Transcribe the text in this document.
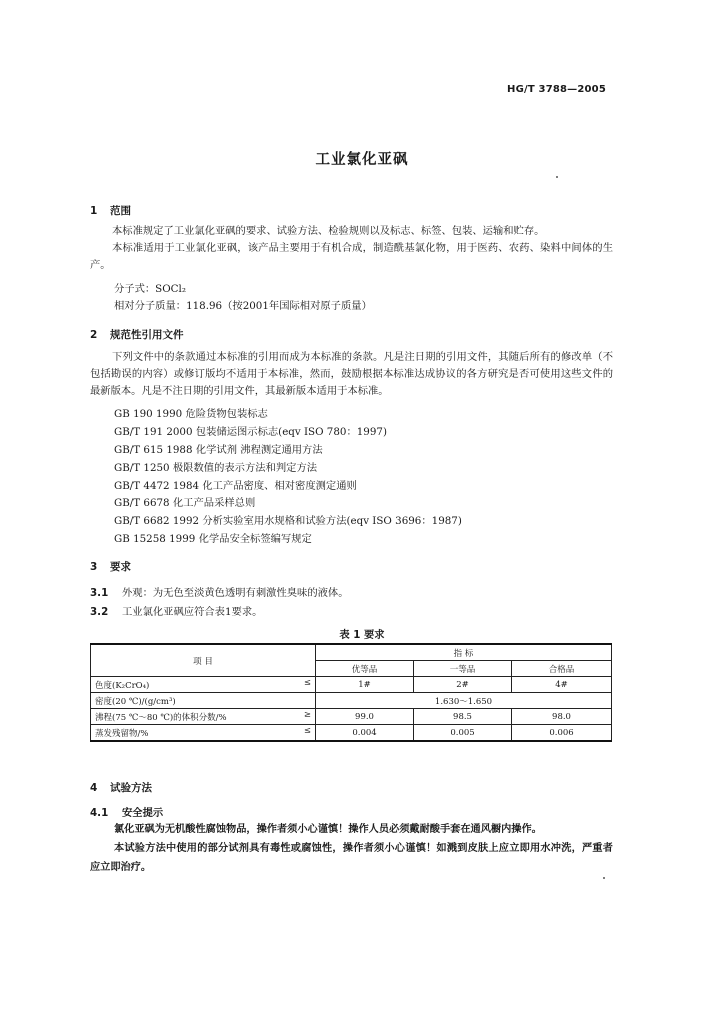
HG/T 3788—2005
工业氯化亚砜
1 范围
本标准规定了工业氯化亚砜的要求、试验方法、检验规则以及标志、标签、包装、运输和贮存。
本标准适用于工业氯化亚砜，该产品主要用于有机合成，制造酰基氯化物，用于医药、农药、染料中间体的生产。
分子式：SOCl₂
相对分子质量：118.96（按2001年国际相对原子质量）
2 规范性引用文件
下列文件中的条款通过本标准的引用而成为本标准的条款。凡是注日期的引用文件，其随后所有的修改单（不包括勘误的内容）或修订版均不适用于本标准，然而，鼓励根据本标准达成协议的各方研究是否可使用这些文件的最新版本。凡是不注日期的引用文件，其最新版本适用于本标准。
GB 190 1990 危险货物包装标志
GB/T 191 2000 包装储运图示标志(eqv ISO 780：1997)
GB/T 615 1988 化学试剂 沸程测定通用方法
GB/T 1250 极限数值的表示方法和判定方法
GB/T 4472 1984 化工产品密度、相对密度测定通则
GB/T 6678 化工产品采样总则
GB/T 6682 1992 分析实验室用水规格和试验方法(eqv ISO 3696：1987)
GB 15258 1999 化学品安全标签编写规定
3 要求
3.1 外观：为无色至淡黄色透明有刺激性臭味的液体。
3.2 工业氯化亚砜应符合表1要求。
表 1 要求
项 目	指 标		
	优等品	一等品	合格品
色度(K₂CrO₄) ≤	1#	2#	4#
密度(20 ℃)/(g/cm³)	1.630～1.650		
沸程(75 ℃～80 ℃)的体积分数/% ≥	99.0	98.5	98.0
蒸发残留物/% ≤	0.004	0.005	0.006
4 试验方法
4.1 安全提示
氯化亚砜为无机酸性腐蚀物品，操作者须小心谨慎！操作人员必须戴耐酸手套在通风橱内操作。
本试验方法中使用的部分试剂具有毒性或腐蚀性，操作者须小心谨慎！如溅到皮肤上应立即用水冲洗，严重者应立即治疗。
